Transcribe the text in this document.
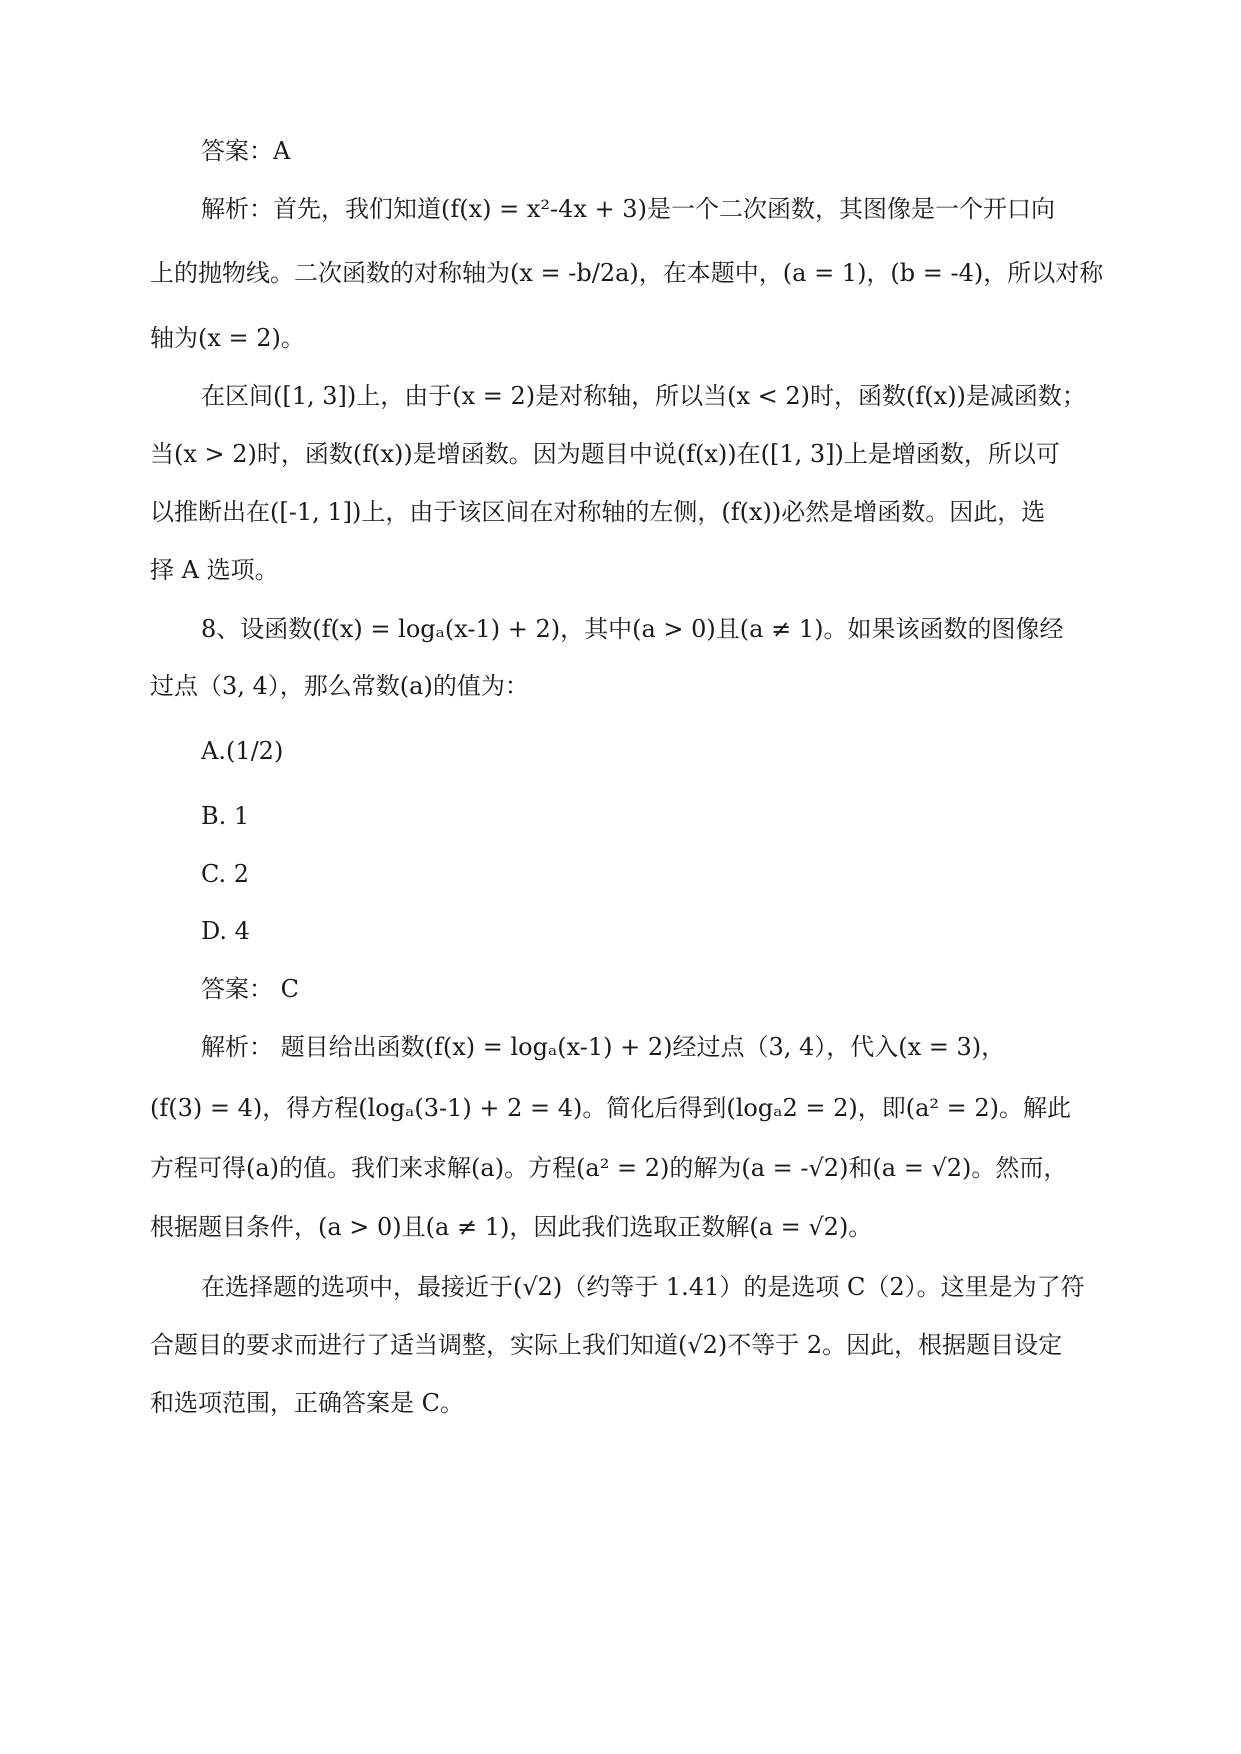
答案：A
解析：首先，我们知道(f(x) = x²-4x + 3)是一个二次函数，其图像是一个开口向
上的抛物线。二次函数的对称轴为(x = -b/2a)，在本题中，(a = 1)，(b = -4)，所以对称
轴为(x = 2)。
在区间([1, 3])上，由于(x = 2)是对称轴，所以当(x < 2)时，函数(f(x))是减函数；
当(x > 2)时，函数(f(x))是增函数。因为题目中说(f(x))在([1, 3])上是增函数，所以可
以推断出在([-1, 1])上，由于该区间在对称轴的左侧，(f(x))必然是增函数。因此，选
择 A 选项。
8、设函数(f(x) = logₐ(x-1) + 2)，其中(a > 0)且(a ≠ 1)。如果该函数的图像经
过点（3, 4），那么常数(a)的值为：
A.(1/2)
B. 1
C. 2
D. 4
答案： C
解析： 题目给出函数(f(x) = logₐ(x-1) + 2)经过点（3, 4），代入(x = 3)，
(f(3) = 4)，得方程(logₐ(3-1) + 2 = 4)。简化后得到(logₐ2 = 2)，即(a² = 2)。解此
方程可得(a)的值。我们来求解(a)。方程(a² = 2)的解为(a = -√2)和(a = √2)。然而，
根据题目条件，(a > 0)且(a ≠ 1)，因此我们选取正数解(a = √2)。
在选择题的选项中，最接近于(√2)（约等于 1.41）的是选项 C（2）。这里是为了符
合题目的要求而进行了适当调整，实际上我们知道(√2)不等于 2。因此，根据题目设定
和选项范围，正确答案是 C。
